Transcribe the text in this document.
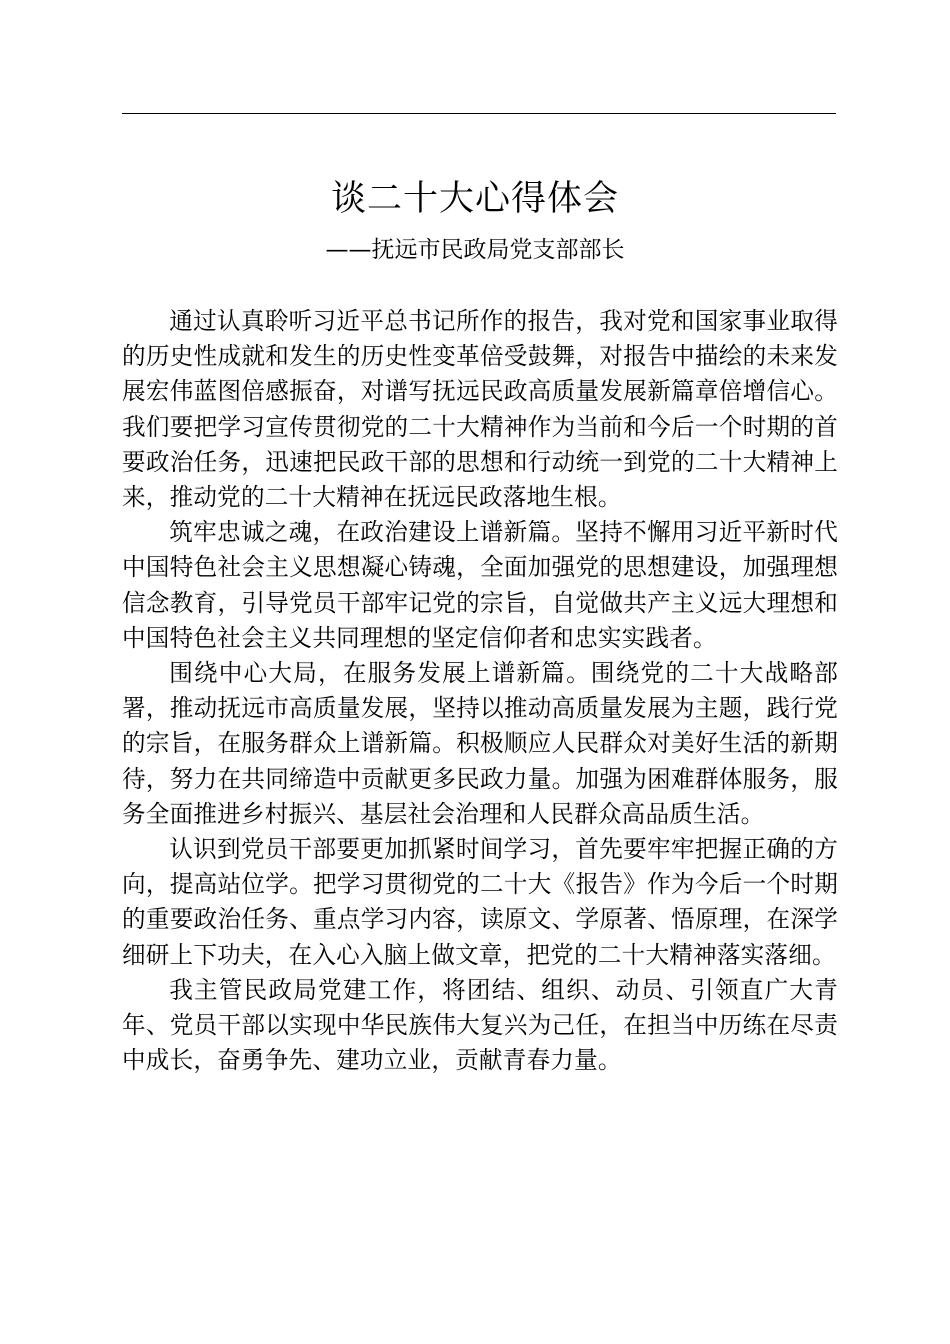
谈二十大心得体会

——抚远市民政局党支部部长

通过认真聆听习近平总书记所作的报告，我对党和国家事业取得的历史性成就和发生的历史性变革倍受鼓舞，对报告中描绘的未来发展宏伟蓝图倍感振奋，对谱写抚远民政高质量发展新篇章倍增信心。我们要把学习宣传贯彻党的二十大精神作为当前和今后一个时期的首要政治任务，迅速把民政干部的思想和行动统一到党的二十大精神上来，推动党的二十大精神在抚远民政落地生根。

筑牢忠诚之魂，在政治建设上谱新篇。坚持不懈用习近平新时代中国特色社会主义思想凝心铸魂，全面加强党的思想建设，加强理想信念教育，引导党员干部牢记党的宗旨，自觉做共产主义远大理想和中国特色社会主义共同理想的坚定信仰者和忠实实践者。

围绕中心大局，在服务发展上谱新篇。围绕党的二十大战略部署，推动抚远市高质量发展，坚持以推动高质量发展为主题，践行党的宗旨，在服务群众上谱新篇。积极顺应人民群众对美好生活的新期待，努力在共同缔造中贡献更多民政力量。加强为困难群体服务，服务全面推进乡村振兴、基层社会治理和人民群众高品质生活。

认识到党员干部要更加抓紧时间学习，首先要牢牢把握正确的方向，提高站位学。把学习贯彻党的二十大《报告》作为今后一个时期的重要政治任务、重点学习内容，读原文、学原著、悟原理，在深学细研上下功夫，在入心入脑上做文章，把党的二十大精神落实落细。

我主管民政局党建工作，将团结、组织、动员、引领直广大青年、党员干部以实现中华民族伟大复兴为己任，在担当中历练在尽责中成长，奋勇争先、建功立业，贡献青春力量。
